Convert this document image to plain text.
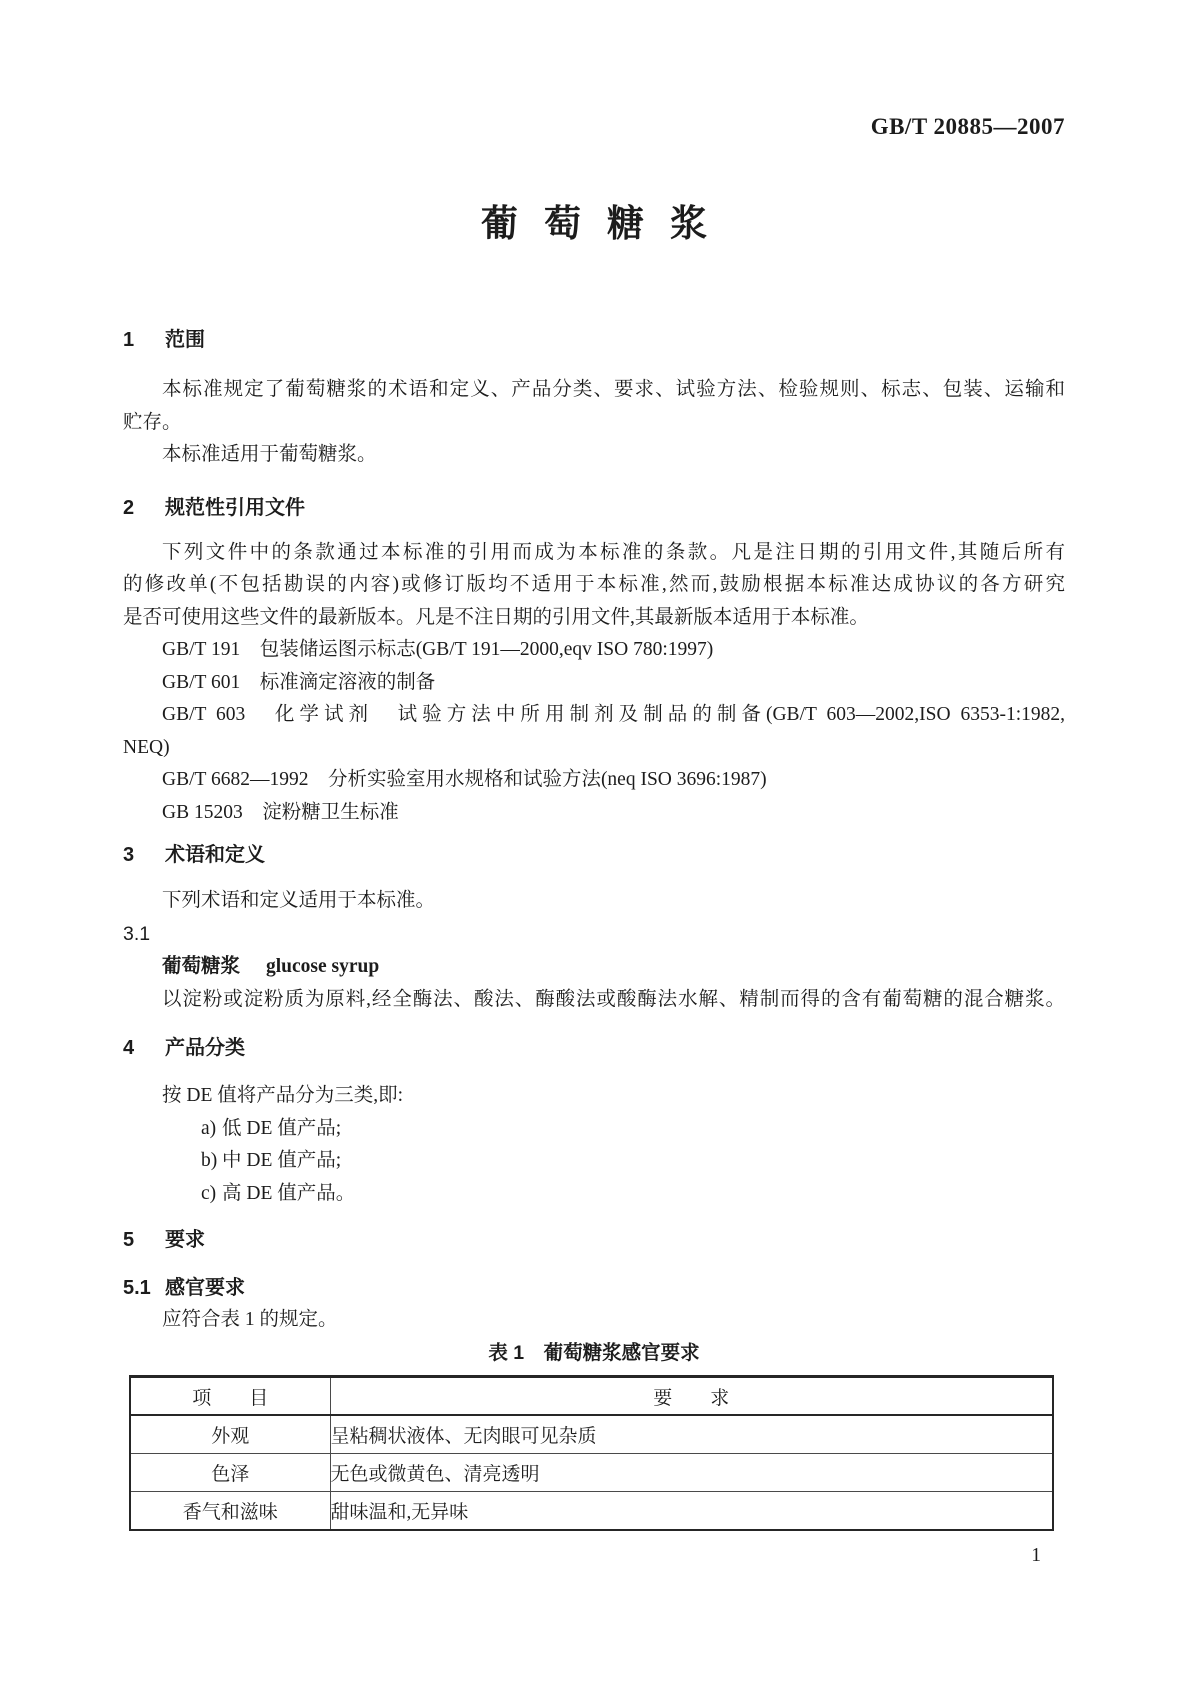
GB/T 20885—2007
葡萄糖浆
1 范围
本标准规定了葡萄糖浆的术语和定义、产品分类、要求、试验方法、检验规则、标志、包装、运输和
贮存。
本标准适用于葡萄糖浆。
2 规范性引用文件
下列文件中的条款通过本标准的引用而成为本标准的条款。凡是注日期的引用文件,其随后所有
的修改单(不包括勘误的内容)或修订版均不适用于本标准,然而,鼓励根据本标准达成协议的各方研究
是否可使用这些文件的最新版本。凡是不注日期的引用文件,其最新版本适用于本标准。
GB/T 191　包装储运图示标志(GB/T 191—2000,eqv ISO 780:1997)
GB/T 601　标准滴定溶液的制备
GB/T 603　化学试剂　试验方法中所用制剂及制品的制备(GB/T 603—2002,ISO 6353-1:1982,
NEQ)
GB/T 6682—1992　分析实验室用水规格和试验方法(neq ISO 3696:1987)
GB 15203　淀粉糖卫生标准
3 术语和定义
下列术语和定义适用于本标准。
3.1
葡萄糖浆 glucose syrup
以淀粉或淀粉质为原料,经全酶法、酸法、酶酸法或酸酶法水解、精制而得的含有葡萄糖的混合糖浆。
4 产品分类
按 DE 值将产品分为三类,即:
a) 低 DE 值产品;
b) 中 DE 值产品;
c) 高 DE 值产品。
5 要求
5.1 感官要求
应符合表 1 的规定。
表 1　葡萄糖浆感官要求
项　　目	要　　求
外观	呈粘稠状液体、无肉眼可见杂质
色泽	无色或微黄色、清亮透明
香气和滋味	甜味温和,无异味
1
